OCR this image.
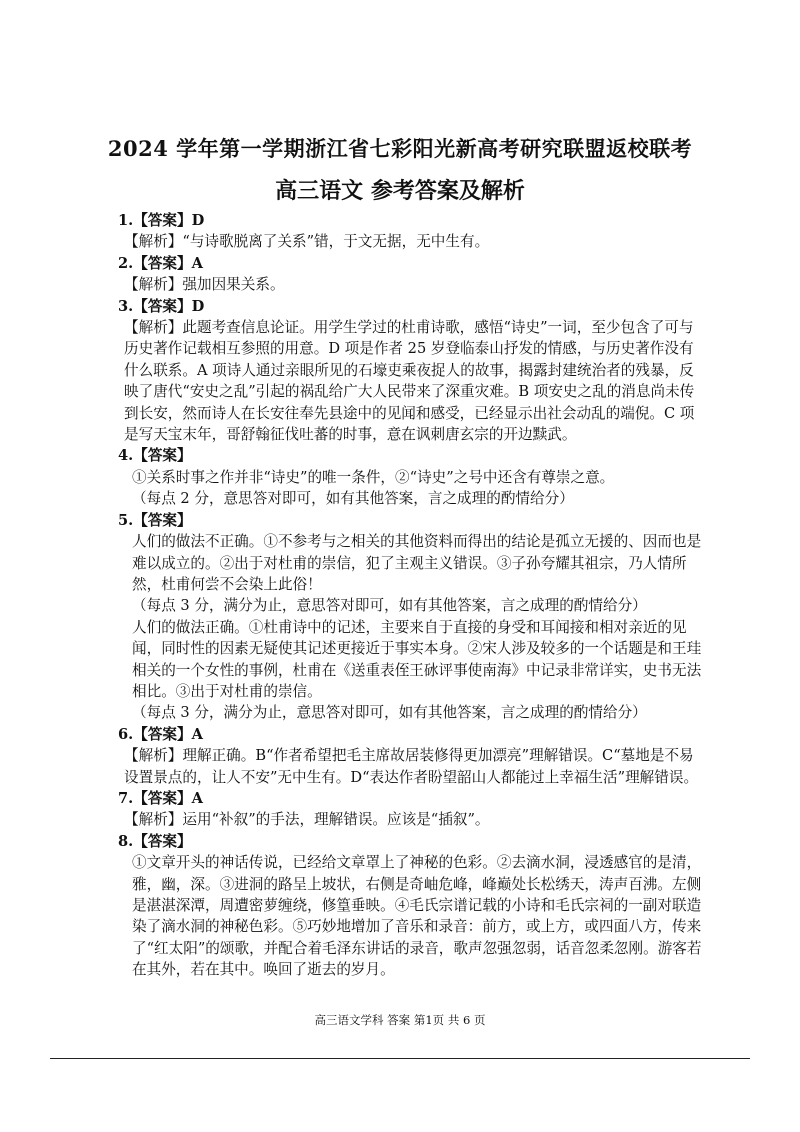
2024 学年第一学期浙江省七彩阳光新高考研究联盟返校联考
高三语文 参考答案及解析

1.【答案】D

【解析】“与诗歌脱离了关系”错，于文无据，无中生有。

2.【答案】A

【解析】强加因果关系。

3.【答案】D

【解析】此题考查信息论证。用学生学过的杜甫诗歌，感悟“诗史”一词，至少包含了可与历史著作记载相互参照的用意。D 项是作者 25 岁登临泰山抒发的情感，与历史著作没有什么联系。A 项诗人通过亲眼所见的石壕吏乘夜捉人的故事，揭露封建统治者的残暴，反映了唐代“安史之乱”引起的祸乱给广大人民带来了深重灾难。B 项安史之乱的消息尚未传到长安，然而诗人在长安往奉先县途中的见闻和感受，已经显示出社会动乱的端倪。C 项是写天宝末年，哥舒翰征伐吐蕃的时事，意在讽刺唐玄宗的开边黩武。

4.【答案】

①关系时事之作并非“诗史”的唯一条件，②“诗史”之号中还含有尊崇之意。

（每点 2 分，意思答对即可，如有其他答案，言之成理的酌情给分）

5.【答案】

人们的做法不正确。①不参考与之相关的其他资料而得出的结论是孤立无援的、因而也是难以成立的。②出于对杜甫的崇信，犯了主观主义错误。③子孙夸耀其祖宗，乃人情所然，杜甫何尝不会染上此俗！

（每点 3 分，满分为止，意思答对即可，如有其他答案，言之成理的酌情给分）

人们的做法正确。①杜甫诗中的记述，主要来自于直接的身受和耳闻接和相对亲近的见闻，同时性的因素无疑使其记述更接近于事实本身。②宋人涉及较多的一个话题是和王珪相关的一个女性的事例，杜甫在《送重表侄王砅评事使南海》中记录非常详实，史书无法相比。③出于对杜甫的崇信。

（每点 3 分，满分为止，意思答对即可，如有其他答案，言之成理的酌情给分）

6.【答案】A

【解析】理解正确。B“作者希望把毛主席故居装修得更加漂亮”理解错误。C“墓地是不易设置景点的，让人不安”无中生有。D“表达作者盼望韶山人都能过上幸福生活”理解错误。

7.【答案】A

【解析】运用“补叙”的手法，理解错误。应该是“插叙”。

8.【答案】

①文章开头的神话传说，已经给文章罩上了神秘的色彩。②去滴水洞，浸透感官的是清，雅，幽，深。③进洞的路呈上坡状，右侧是奇岫危峰，峰巅处长松绣天，涛声百沸。左侧是湛湛深潭，周遭密萝缠绕，修篁垂映。④毛氏宗谱记载的小诗和毛氏宗祠的一副对联造染了滴水洞的神秘色彩。⑤巧妙地增加了音乐和录音：前方，或上方，或四面八方，传来了“红太阳”的颂歌，并配合着毛泽东讲话的录音，歌声忽强忽弱，话音忽柔忽刚。游客若在其外，若在其中。唤回了逝去的岁月。

高三语文学科 答案 第1页 共 6 页
